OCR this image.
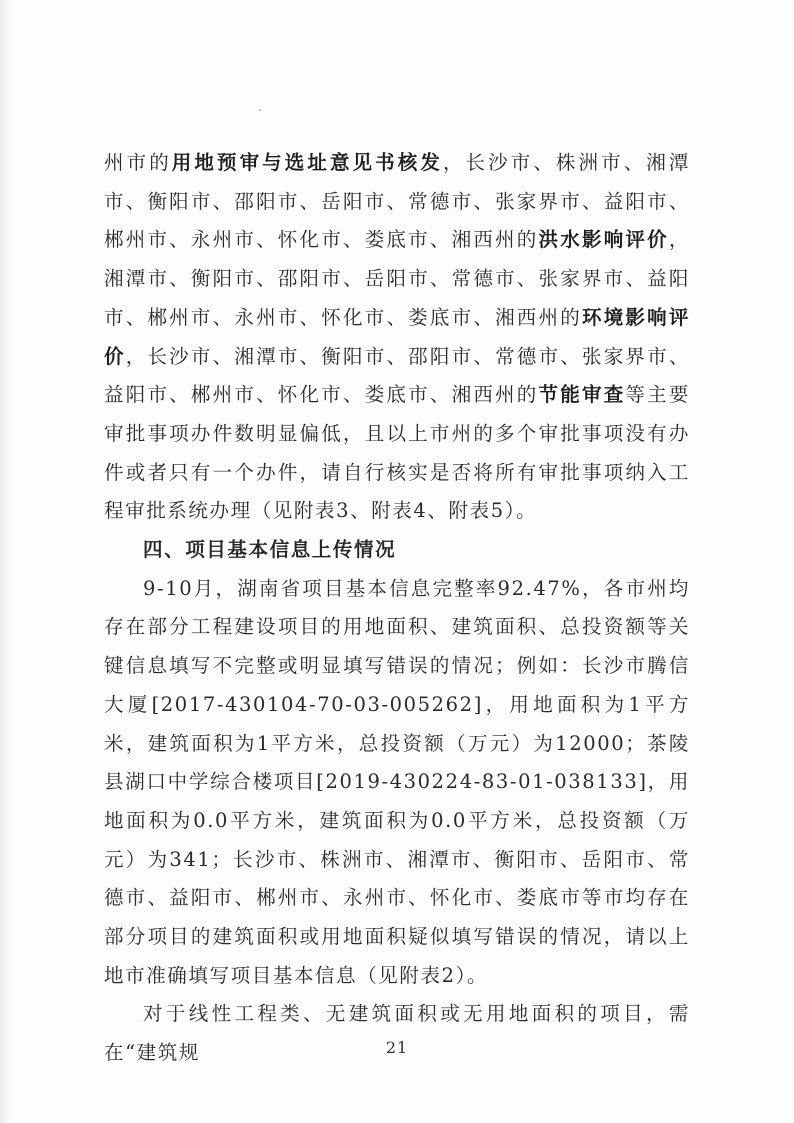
州市的用地预审与选址意见书核发，长沙市、株洲市、湘潭市、衡阳市、邵阳市、岳阳市、常德市、张家界市、益阳市、郴州市、永州市、怀化市、娄底市、湘西州的洪水影响评价，湘潭市、衡阳市、邵阳市、岳阳市、常德市、张家界市、益阳市、郴州市、永州市、怀化市、娄底市、湘西州的环境影响评价，长沙市、湘潭市、衡阳市、邵阳市、常德市、张家界市、益阳市、郴州市、怀化市、娄底市、湘西州的节能审查等主要审批事项办件数明显偏低，且以上市州的多个审批事项没有办件或者只有一个办件，请自行核实是否将所有审批事项纳入工程审批系统办理（见附表3、附表4、附表5）。

四、项目基本信息上传情况

9-10月，湖南省项目基本信息完整率92.47%，各市州均存在部分工程建设项目的用地面积、建筑面积、总投资额等关键信息填写不完整或明显填写错误的情况；例如：长沙市腾信大厦[2017-430104-70-03-005262]，用地面积为1平方米，建筑面积为1平方米，总投资额（万元）为12000；茶陵县湖口中学综合楼项目[2019-430224-83-01-038133]，用地面积为0.0平方米，建筑面积为0.0平方米，总投资额（万元）为341；长沙市、株洲市、湘潭市、衡阳市、岳阳市、常德市、益阳市、郴州市、永州市、怀化市、娄底市等市均存在部分项目的建筑面积或用地面积疑似填写错误的情况，请以上地市准确填写项目基本信息（见附表2）。

对于线性工程类、无建筑面积或无用地面积的项目，需在“建筑规	21
